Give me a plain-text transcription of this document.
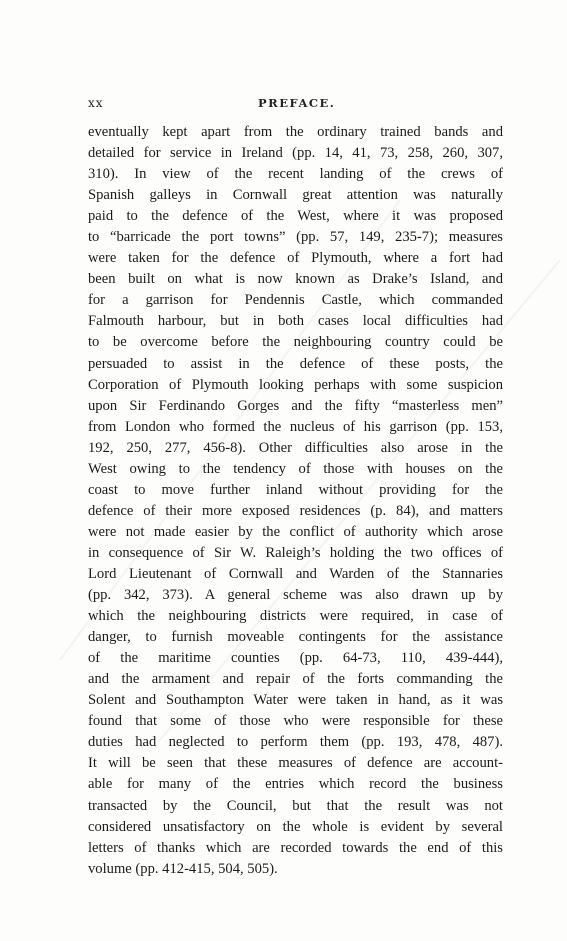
xx	PREFACE.
eventually kept apart from the ordinary trained bands and
detailed for service in Ireland (pp. 14, 41, 73, 258, 260, 307,
310). In view of the recent landing of the crews of
Spanish galleys in Cornwall great attention was naturally
paid to the defence of the West, where it was proposed
to “barricade the port towns” (pp. 57, 149, 235-7); measures
were taken for the defence of Plymouth, where a fort had
been built on what is now known as Drake’s Island, and
for a garrison for Pendennis Castle, which commanded
Falmouth harbour, but in both cases local difficulties had
to be overcome before the neighbouring country could be
persuaded to assist in the defence of these posts, the
Corporation of Plymouth looking perhaps with some suspicion
upon Sir Ferdinando Gorges and the fifty “masterless men”
from London who formed the nucleus of his garrison (pp. 153,
192, 250, 277, 456-8). Other difficulties also arose in the
West owing to the tendency of those with houses on the
coast to move further inland without providing for the
defence of their more exposed residences (p. 84), and matters
were not made easier by the conflict of authority which arose
in consequence of Sir W. Raleigh’s holding the two offices of
Lord Lieutenant of Cornwall and Warden of the Stannaries
(pp. 342, 373). A general scheme was also drawn up by
which the neighbouring districts were required, in case of
danger, to furnish moveable contingents for the assistance
of the maritime counties (pp. 64-73, 110, 439-444),
and the armament and repair of the forts commanding the
Solent and Southampton Water were taken in hand, as it was
found that some of those who were responsible for these
duties had neglected to perform them (pp. 193, 478, 487).
It will be seen that these measures of defence are account-
able for many of the entries which record the business
transacted by the Council, but that the result was not
considered unsatisfactory on the whole is evident by several
letters of thanks which are recorded towards the end of this
volume (pp. 412-415, 504, 505).
